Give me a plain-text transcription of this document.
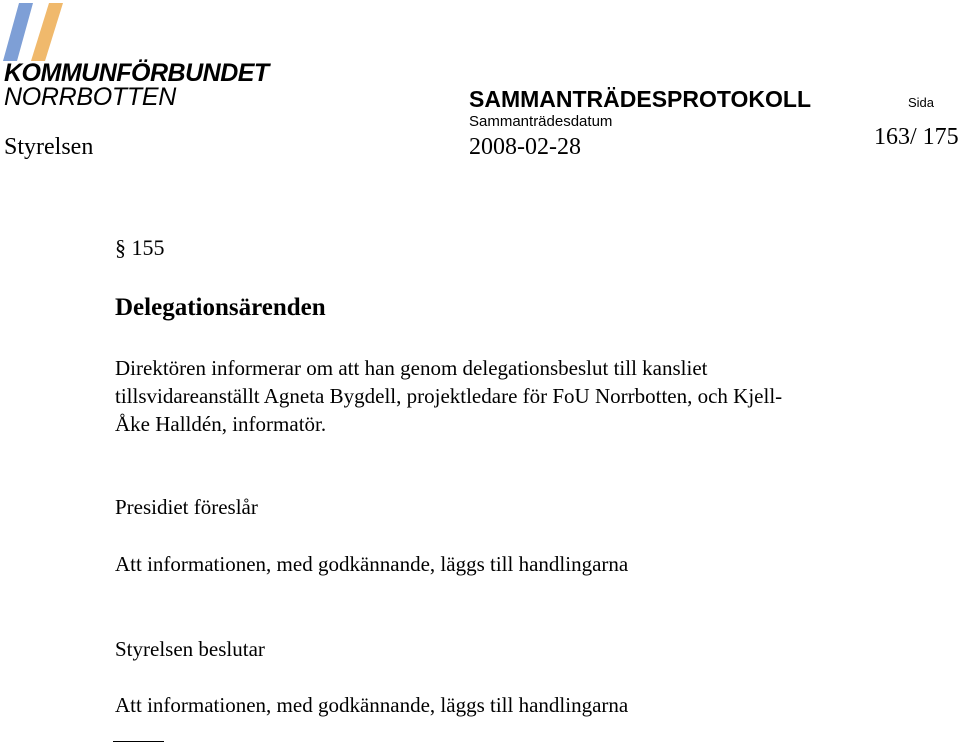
KOMMUNFÖRBUNDET
NORRBOTTEN
Styrelsen
SAMMANTRÄDESPROTOKOLL
Sammanträdesdatum
2008-02-28
Sida
163/ 175
§ 155
Delegationsärenden
Direktören informerar om att han genom delegationsbeslut till kansliet
tillsvidareanställt Agneta Bygdell, projektledare för FoU Norrbotten, och Kjell-
Åke Halldén, informatör.
Presidiet föreslår
Att informationen, med godkännande, läggs till handlingarna
Styrelsen beslutar
Att informationen, med godkännande, läggs till handlingarna
